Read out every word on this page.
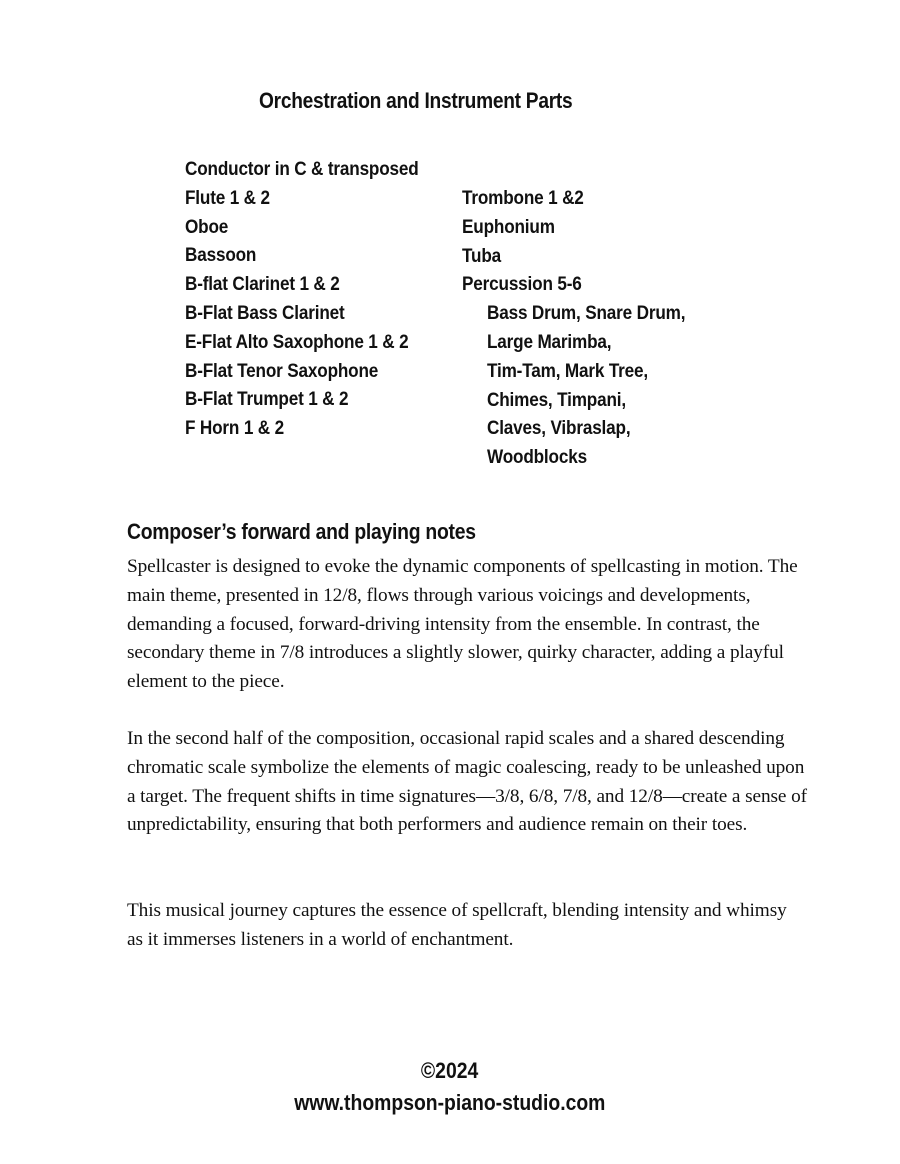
Orchestration and Instrument Parts
Conductor in C & transposed
Flute 1 & 2
Oboe
Bassoon
B-flat Clarinet 1 & 2
B-Flat Bass Clarinet
E-Flat Alto Saxophone 1 & 2
B-Flat Tenor Saxophone
B-Flat Trumpet 1 & 2
F Horn 1 & 2
Trombone 1 &2
Euphonium
Tuba
Percussion 5-6
Bass Drum, Snare Drum,
Large Marimba,
Tim-Tam, Mark Tree,
Chimes, Timpani,
Claves, Vibraslap,
Woodblocks
Composer’s forward and playing notes

Spellcaster is designed to evoke the dynamic components of spellcasting in motion. The main theme, presented in 12/8, flows through various voicings and developments, demanding a focused, forward-driving intensity from the ensemble. In contrast, the secondary theme in 7/8 introduces a slightly slower, quirky character, adding a playful element to the piece.

In the second half of the composition, occasional rapid scales and a shared descending chromatic scale symbolize the elements of magic coalescing, ready to be unleashed upon a target. The frequent shifts in time signatures—3/8, 6/8, 7/8, and 12/8—create a sense of unpredictability, ensuring that both performers and audience remain on their toes.

This musical journey captures the essence of spellcraft, blending intensity and whimsy as it immerses listeners in a world of enchantment.

©2024
www.thompson-piano-studio.com
